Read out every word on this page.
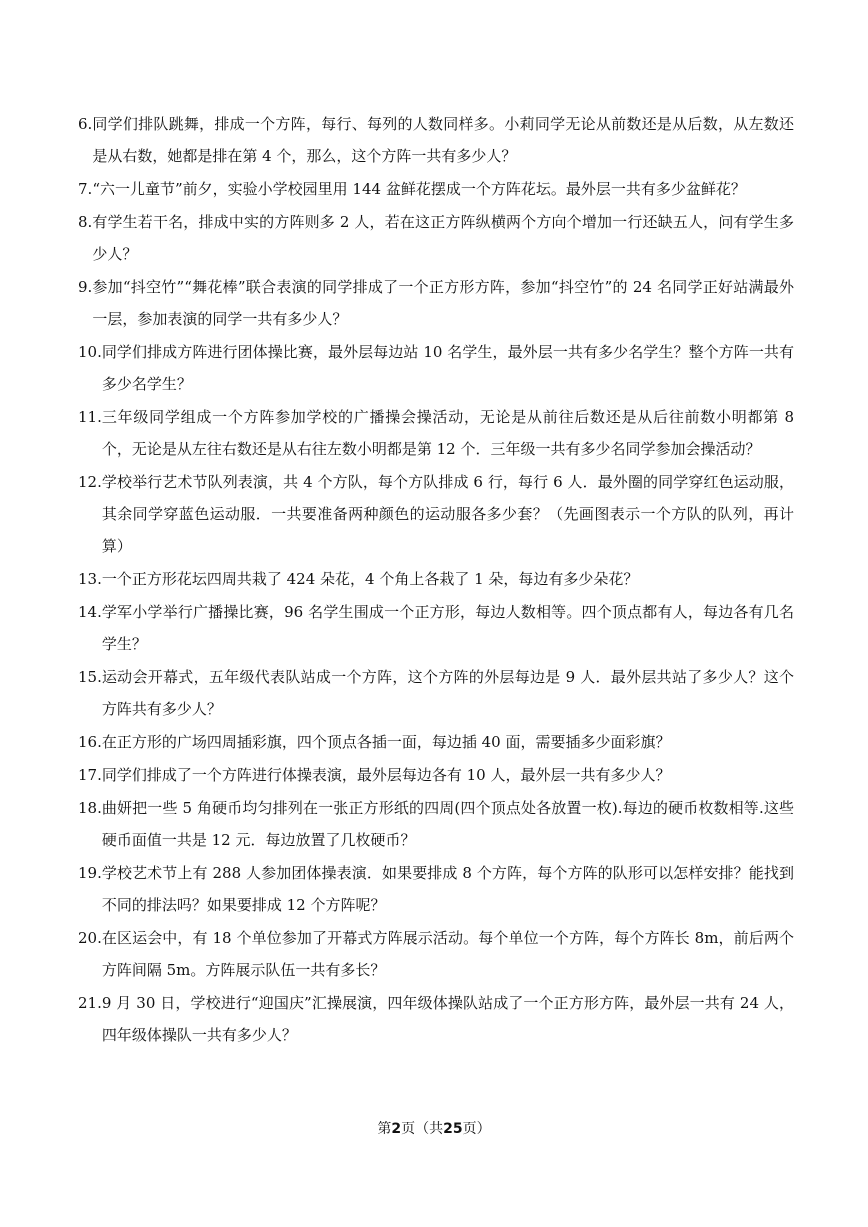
6. 同学们排队跳舞，排成一个方阵，每行、每列的人数同样多。小莉同学无论从前数还是从后数，从左数还是从右数，她都是排在第 4 个，那么，这个方阵一共有多少人？
7. “六一儿童节”前夕，实验小学校园里用 144 盆鲜花摆成一个方阵花坛。最外层一共有多少盆鲜花？
8. 有学生若干名，排成中实的方阵则多 2 人，若在这正方阵纵横两个方向个增加一行还缺五人，问有学生多少人？
9. 参加“抖空竹”“舞花棒”联合表演的同学排成了一个正方形方阵，参加“抖空竹”的 24 名同学正好站满最外一层，参加表演的同学一共有多少人？
10. 同学们排成方阵进行团体操比赛，最外层每边站 10 名学生，最外层一共有多少名学生？整个方阵一共有多少名学生？
11. 三年级同学组成一个方阵参加学校的广播操会操活动，无论是从前往后数还是从后往前数小明都第 8 个，无论是从左往右数还是从右往左数小明都是第 12 个．三年级一共有多少名同学参加会操活动？
12. 学校举行艺术节队列表演，共 4 个方队，每个方队排成 6 行，每行 6 人．最外圈的同学穿红色运动服，其余同学穿蓝色运动服．一共要准备两种颜色的运动服各多少套？（先画图表示一个方队的队列，再计算）
13. 一个正方形花坛四周共栽了 424 朵花，4 个角上各栽了 1 朵，每边有多少朵花？
14. 学军小学举行广播操比赛，96 名学生围成一个正方形，每边人数相等。四个顶点都有人，每边各有几名学生？
15. 运动会开幕式，五年级代表队站成一个方阵，这个方阵的外层每边是 9 人．最外层共站了多少人？这个方阵共有多少人？
16. 在正方形的广场四周插彩旗，四个顶点各插一面，每边插 40 面，需要插多少面彩旗？
17. 同学们排成了一个方阵进行体操表演，最外层每边各有 10 人，最外层一共有多少人？
18. 曲妍把一些 5 角硬币均匀排列在一张正方形纸的四周(四个顶点处各放置一枚).每边的硬币枚数相等.这些硬币面值一共是 12 元．每边放置了几枚硬币？
19. 学校艺术节上有 288 人参加团体操表演．如果要排成 8 个方阵，每个方阵的队形可以怎样安排？能找到不同的排法吗？如果要排成 12 个方阵呢？
20. 在区运会中，有 18 个单位参加了开幕式方阵展示活动。每个单位一个方阵，每个方阵长 8m，前后两个方阵间隔 5m。方阵展示队伍一共有多长？
21. 9 月 30 日，学校进行“迎国庆”汇操展演，四年级体操队站成了一个正方形方阵，最外层一共有 24 人，四年级体操队一共有多少人？
第2页（共25页）
